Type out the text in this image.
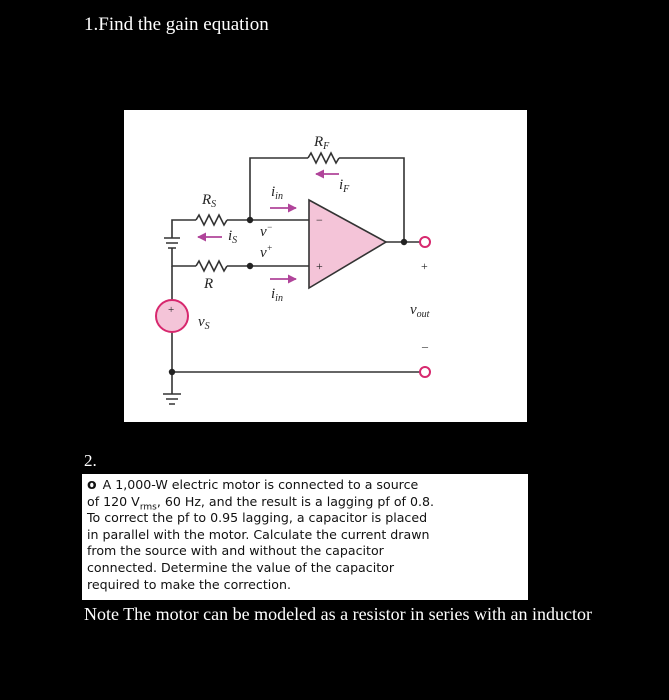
1.Find the gain equation
$R_F$
$i_F$
$R_S$
$i_{in}$
$i_S$
v−
v+
R
$i_{in}$
$v_S$
$v_{out}$
−
+	+
–
+
2.
o A 1,000-W electric motor is connected to a source
of 120 $V_{rms}$, 60 Hz, and the result is a lagging pf of 0.8.
To correct the pf to 0.95 lagging, a capacitor is placed
in parallel with the motor. Calculate the current drawn
from the source with and without the capacitor
connected. Determine the value of the capacitor
required to make the correction.
Note The motor can be modeled as a resistor in series with an inductor
